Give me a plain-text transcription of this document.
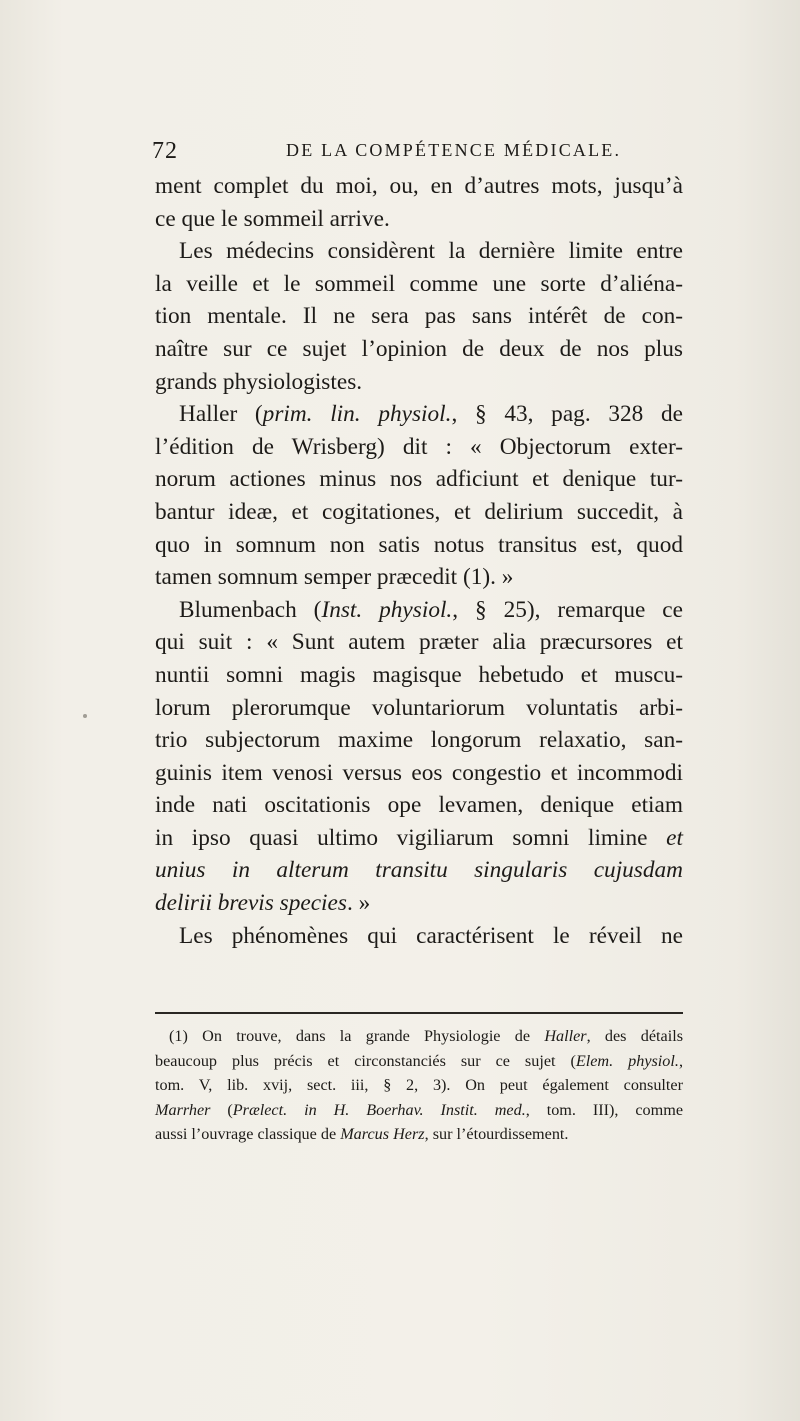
72	DE LA COMPÉTENCE MÉDICALE.
ment complet du moi, ou, en d’autres mots, jusqu’à
ce que le sommeil arrive.
Les médecins considèrent la dernière limite entre
la veille et le sommeil comme une sorte d’aliéna-
tion mentale. Il ne sera pas sans intérêt de con-
naître sur ce sujet l’opinion de deux de nos plus
grands physiologistes.
Haller (prim. lin. physiol., § 43, pag. 328 de
l’édition de Wrisberg) dit : « Objectorum exter-
norum actiones minus nos adficiunt et denique tur-
bantur ideæ, et cogitationes, et delirium succedit, à
quo in somnum non satis notus transitus est, quod
tamen somnum semper præcedit (1). »
Blumenbach (Inst. physiol., § 25), remarque ce
qui suit : « Sunt autem præter alia præcursores et
nuntii somni magis magisque hebetudo et muscu-
lorum plerorumque voluntariorum voluntatis arbi-
trio subjectorum maxime longorum relaxatio, san-
guinis item venosi versus eos congestio et incommodi
inde nati oscitationis ope levamen, denique etiam
in ipso quasi ultimo vigiliarum somni limine et
unius in alterum transitu singularis cujusdam
delirii brevis species. »
Les phénomènes qui caractérisent le réveil ne
(1) On trouve, dans la grande Physiologie de Haller, des détails
beaucoup plus précis et circonstanciés sur ce sujet (Elem. physiol.,
tom. V, lib. xvij, sect. iii, § 2, 3). On peut également consulter
Marrher (Prælect. in H. Boerhav. Instit. med., tom. III), comme
aussi l’ouvrage classique de Marcus Herz, sur l’étourdissement.
